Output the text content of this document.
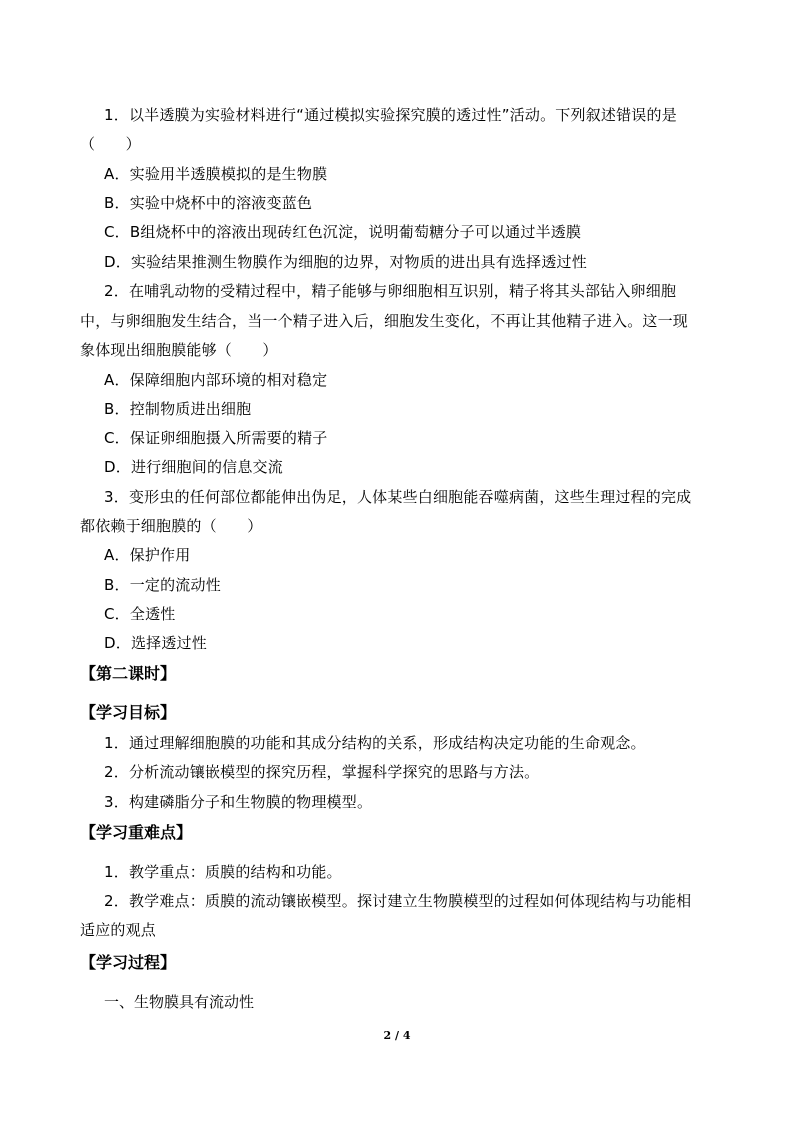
1．以半透膜为实验材料进行“通过模拟实验探究膜的透过性”活动。下列叙述错误的是
（　　）
A．实验用半透膜模拟的是生物膜
B．实验中烧杯中的溶液变蓝色
C．B组烧杯中的溶液出现砖红色沉淀，说明葡萄糖分子可以通过半透膜
D．实验结果推测生物膜作为细胞的边界，对物质的进出具有选择透过性
2．在哺乳动物的受精过程中，精子能够与卵细胞相互识别，精子将其头部钻入卵细胞
中，与卵细胞发生结合，当一个精子进入后，细胞发生变化，不再让其他精子进入。这一现
象体现出细胞膜能够（　　）
A．保障细胞内部环境的相对稳定
B．控制物质进出细胞
C．保证卵细胞摄入所需要的精子
D．进行细胞间的信息交流
3．变形虫的任何部位都能伸出伪足，人体某些白细胞能吞噬病菌，这些生理过程的完成
都依赖于细胞膜的（　　）
A．保护作用
B．一定的流动性
C．全透性
D．选择透过性
【第二课时】
【学习目标】
1．通过理解细胞膜的功能和其成分结构的关系，形成结构决定功能的生命观念。
2．分析流动镶嵌模型的探究历程，掌握科学探究的思路与方法。
3．构建磷脂分子和生物膜的物理模型。
【学习重难点】
1．教学重点：质膜的结构和功能。
2．教学难点：质膜的流动镶嵌模型。探讨建立生物膜模型的过程如何体现结构与功能相
适应的观点
【学习过程】
一、生物膜具有流动性
2 / 4
